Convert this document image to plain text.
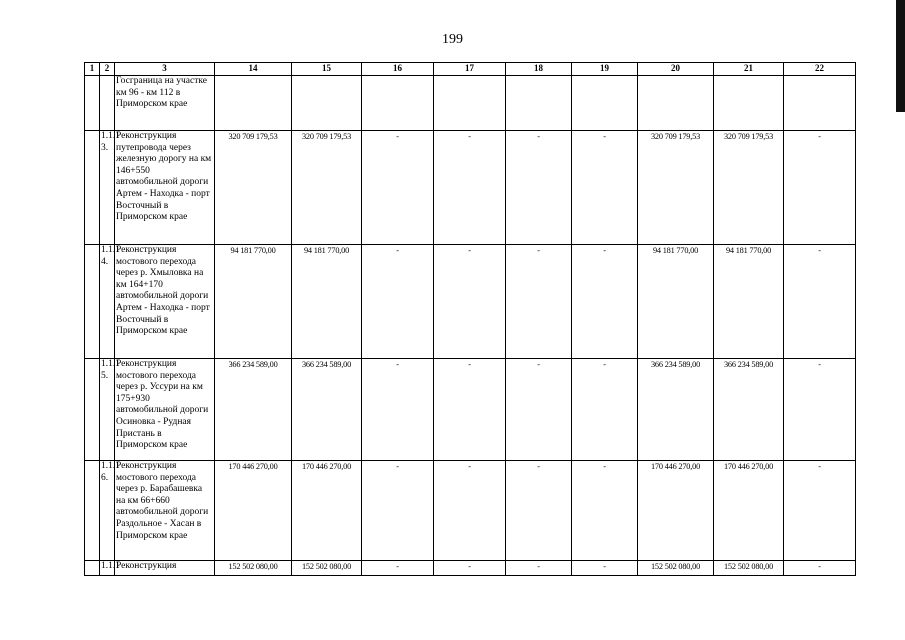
199
1	2	3	14	15	16	17	18	19	20	21	22
		Госграница на участке км 96 - км 112 в Приморском крае									
	1.1.1 3.	Реконструкция путепровода через железную дорогу на км 146+550 автомобильной дороги Артем - Находка - порт Восточный в Приморском крае	320 709 179,53	320 709 179,53	-	-	-	-	320 709 179,53	320 709 179,53	-
	1.1.1 4.	Реконструкция мостового перехода через р. Хмыловка на км 164+170 автомобильной дороги Артем - Находка - порт Восточный в Приморском крае	94 181 770,00	94 181 770,00	-	-	-	-	94 181 770,00	94 181 770,00	-
	1.1.1 5.	Реконструкция мостового перехода через р. Уссури на км 175+930 автомобильной дороги Осиновка - Рудная Пристань в Приморском крае	366 234 589,00	366 234 589,00	-	-	-	-	366 234 589,00	366 234 589,00	-
	1.1.1 6.	Реконструкция мостового перехода через р. Барабашевка на км 66+660 автомобильной дороги Раздольное - Хасан в Приморском крае	170 446 270,00	170 446 270,00	-	-	-	-	170 446 270,00	170 446 270,00	-
	1.1.1	Реконструкция	152 502 080,00	152 502 080,00	-	-	-	-	152 502 080,00	152 502 080,00	-
